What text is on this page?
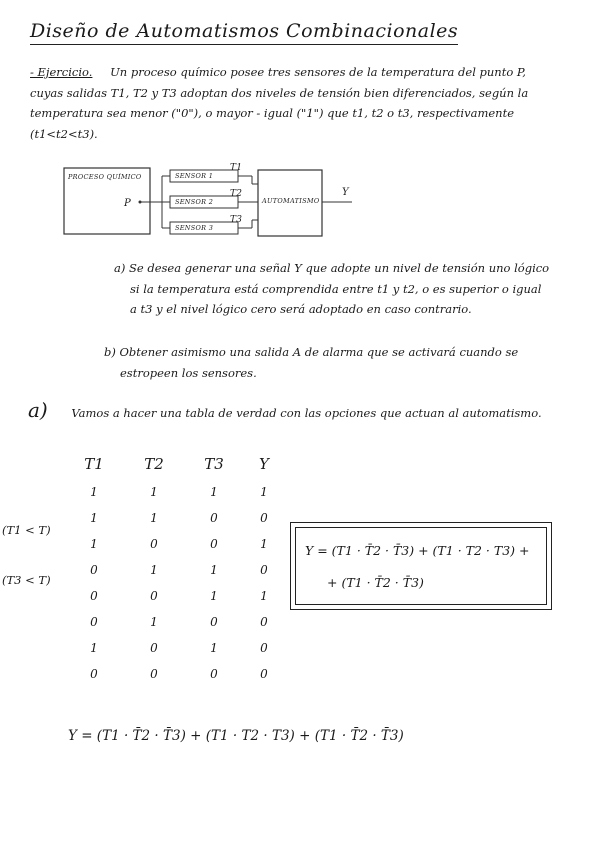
Diseño de Automatismos Combinacionales
- Ejercicio. Un proceso químico posee tres sensores de la temperatura del punto P, cuyas salidas T1, T2 y T3 adoptan dos niveles de tensión bien diferenciados, según la temperatura sea menor ("0"), o mayor - igual ("1") que t1, t2 o t3, respectivamente (t1<t2<t3).
PROCESO QUÍMICO
P
SENSOR 1
SENSOR 2
SENSOR 3
T1
T2
T3
AUTOMATISMO
Y
a) Se desea generar una señal Y que adopte un nivel de tensión uno lógico si la temperatura está comprendida entre t1 y t2, o es superior o igual a t3 y el nivel lógico cero será adoptado en caso contrario.
b) Obtener asimismo una salida A de alarma que se activará cuando se estropeen los sensores.
a) Vamos a hacer una tabla de verdad con las opciones que actuan al automatismo.
T1	T2	T3	Y
1	1	1	1
1	1	0	0
1	0	0	1
0	1	1	0
0	0	1	1
0	1	0	0
1	0	1	0
0	0	0	0
(T1 < T)
(T3 < T)
Y = (T1 · T̄2 · T̄3) + (T1 · T2 · T3) +
+ (T1 · T̄2 · T̄3)
Y = (T1 · T̄2 · T̄3) + (T1 · T2 · T3) + (T1 · T̄2 · T̄3)
